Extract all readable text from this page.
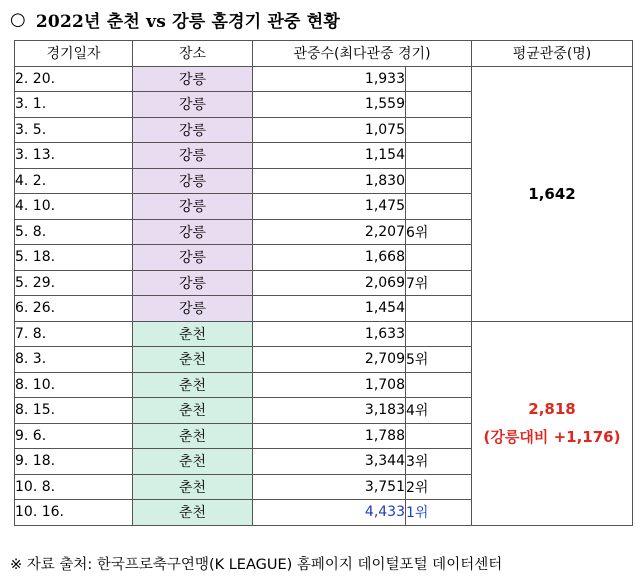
○ 2022년 춘천 vs 강릉 홈경기 관중 현황
경기일자	장소	관중수(최다관중 경기)		평균관중(명)
2. 20.	강릉	1,933		1,642
3. 1.	강릉	1,559		
3. 5.	강릉	1,075		
3. 13.	강릉	1,154		
4. 2.	강릉	1,830		
4. 10.	강릉	1,475		
5. 8.	강릉	2,207	6위	
5. 18.	강릉	1,668		
5. 29.	강릉	2,069	7위	
6. 26.	강릉	1,454		
7. 8.	춘천	1,633		2,818
(강릉대비 +1,176)

8. 3.	춘천	2,709	5위	
8. 10.	춘천	1,708		
8. 15.	춘천	3,183	4위	
9. 6.	춘천	1,788		
9. 18.	춘천	3,344	3위	
10. 8.	춘천	3,751	2위	
10. 16.	춘천	4,433	1위	
※ 자료 출처: 한국프로축구연맹(K LEAGUE) 홈페이지 데이털포털 데이터센터
